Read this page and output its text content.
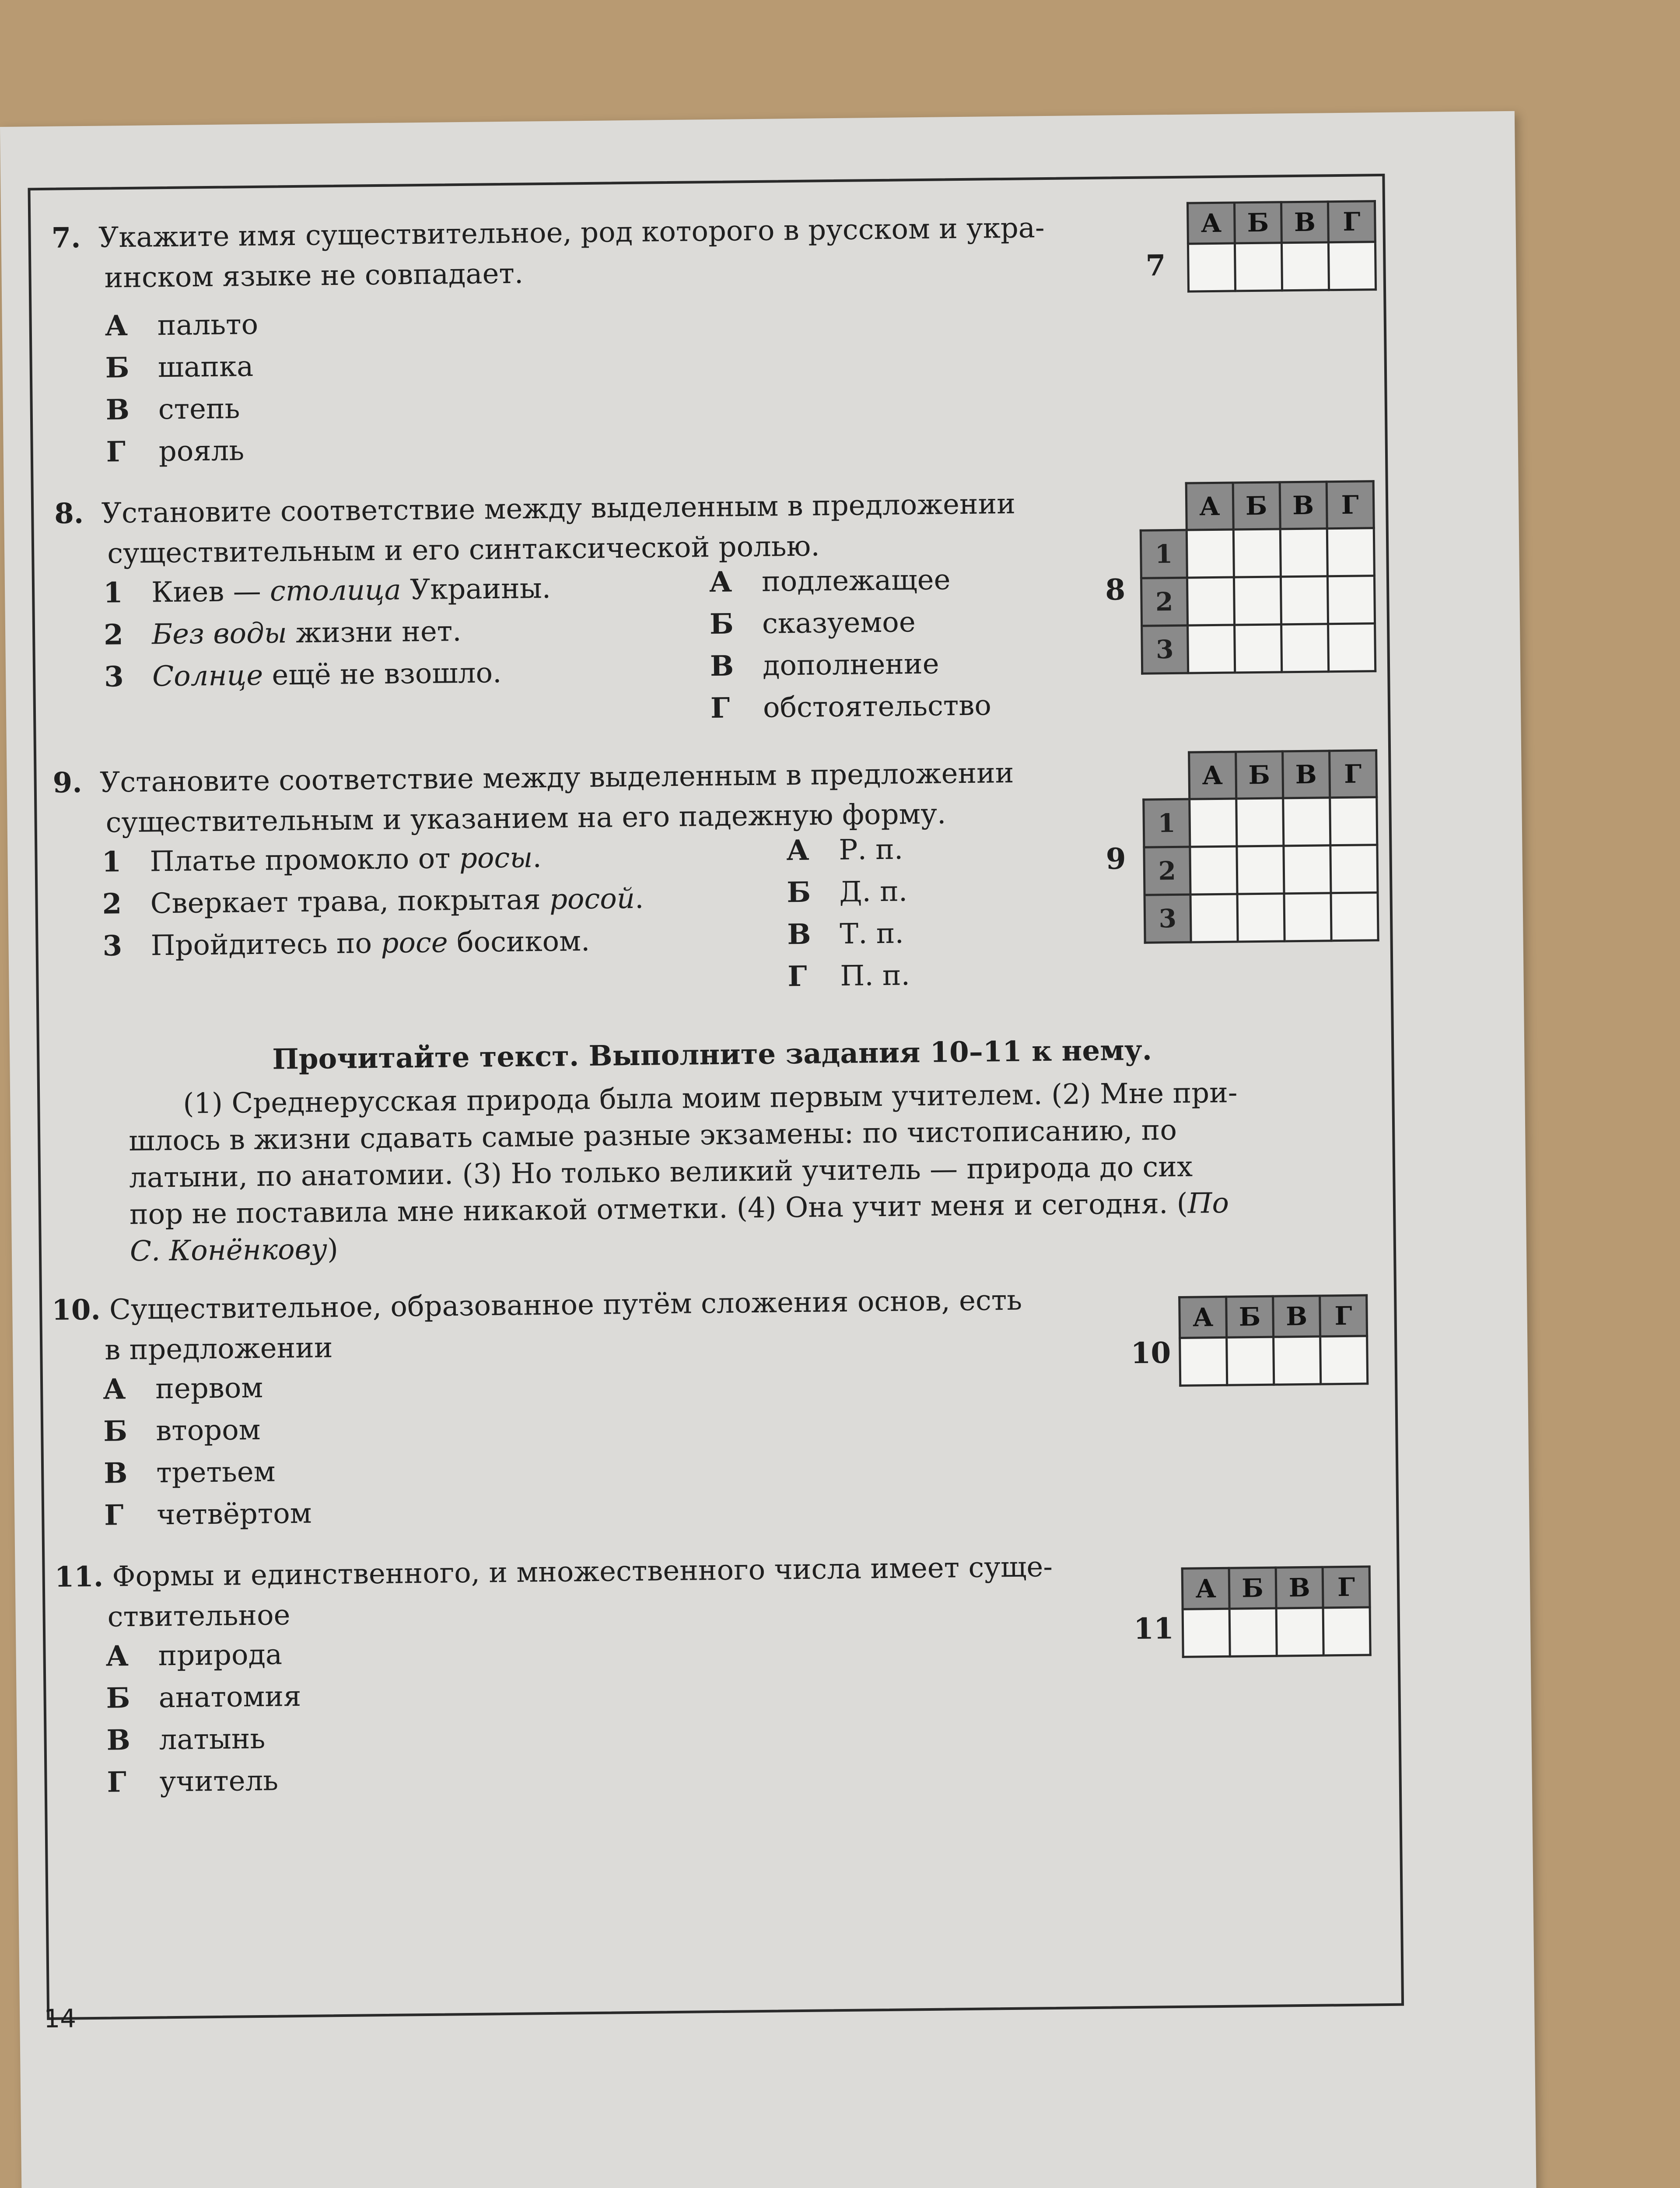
7. Укажите имя существительное, род которого в русском и укра-
инском языке не совпадает.
А пальто
Б шапка
В степь
Г рояль
7
А	Б	В	Г

8. Установите соответствие между выделенным в предложении
существительным и его синтаксической ролью.
1 Киев — столица Украины.
2 Без воды жизни нет.
3 Солнце ещё не взошло.
А подлежащее
Б сказуемое
В дополнение
Г обстоятельство
8
	А	Б	В	Г
1				
2				
3				
9. Установите соответствие между выделенным в предложении
существительным и указанием на его падежную форму.
1 Платье промокло от росы.
2 Сверкает трава, покрытая росой.
3 Пройдитесь по росе босиком.
А Р. п.
Б Д. п.
В Т. п.
Г П. п.
9
	А	Б	В	Г
1				
2				
3				
Прочитайте текст. Выполните задания 10–11 к нему.
(1) Среднерусская природа была моим первым учителем. (2) Мне при-
шлось в жизни сдавать самые разные экзамены: по чистописанию, по
латыни, по анатомии. (3) Но только великий учитель — природа до сих
пор не поставила мне никакой отметки. (4) Она учит меня и сегодня. (По
С. Конёнкову)
10. Существительное, образованное путём сложения основ, есть
в предложении
А первом
Б втором
В третьем
Г четвёртом
10
А	Б	В	Г

11. Формы и единственного, и множественного числа имеет суще-
ствительное
А природа
Б анатомия
В латынь
Г учитель
11
А	Б	В	Г

14
